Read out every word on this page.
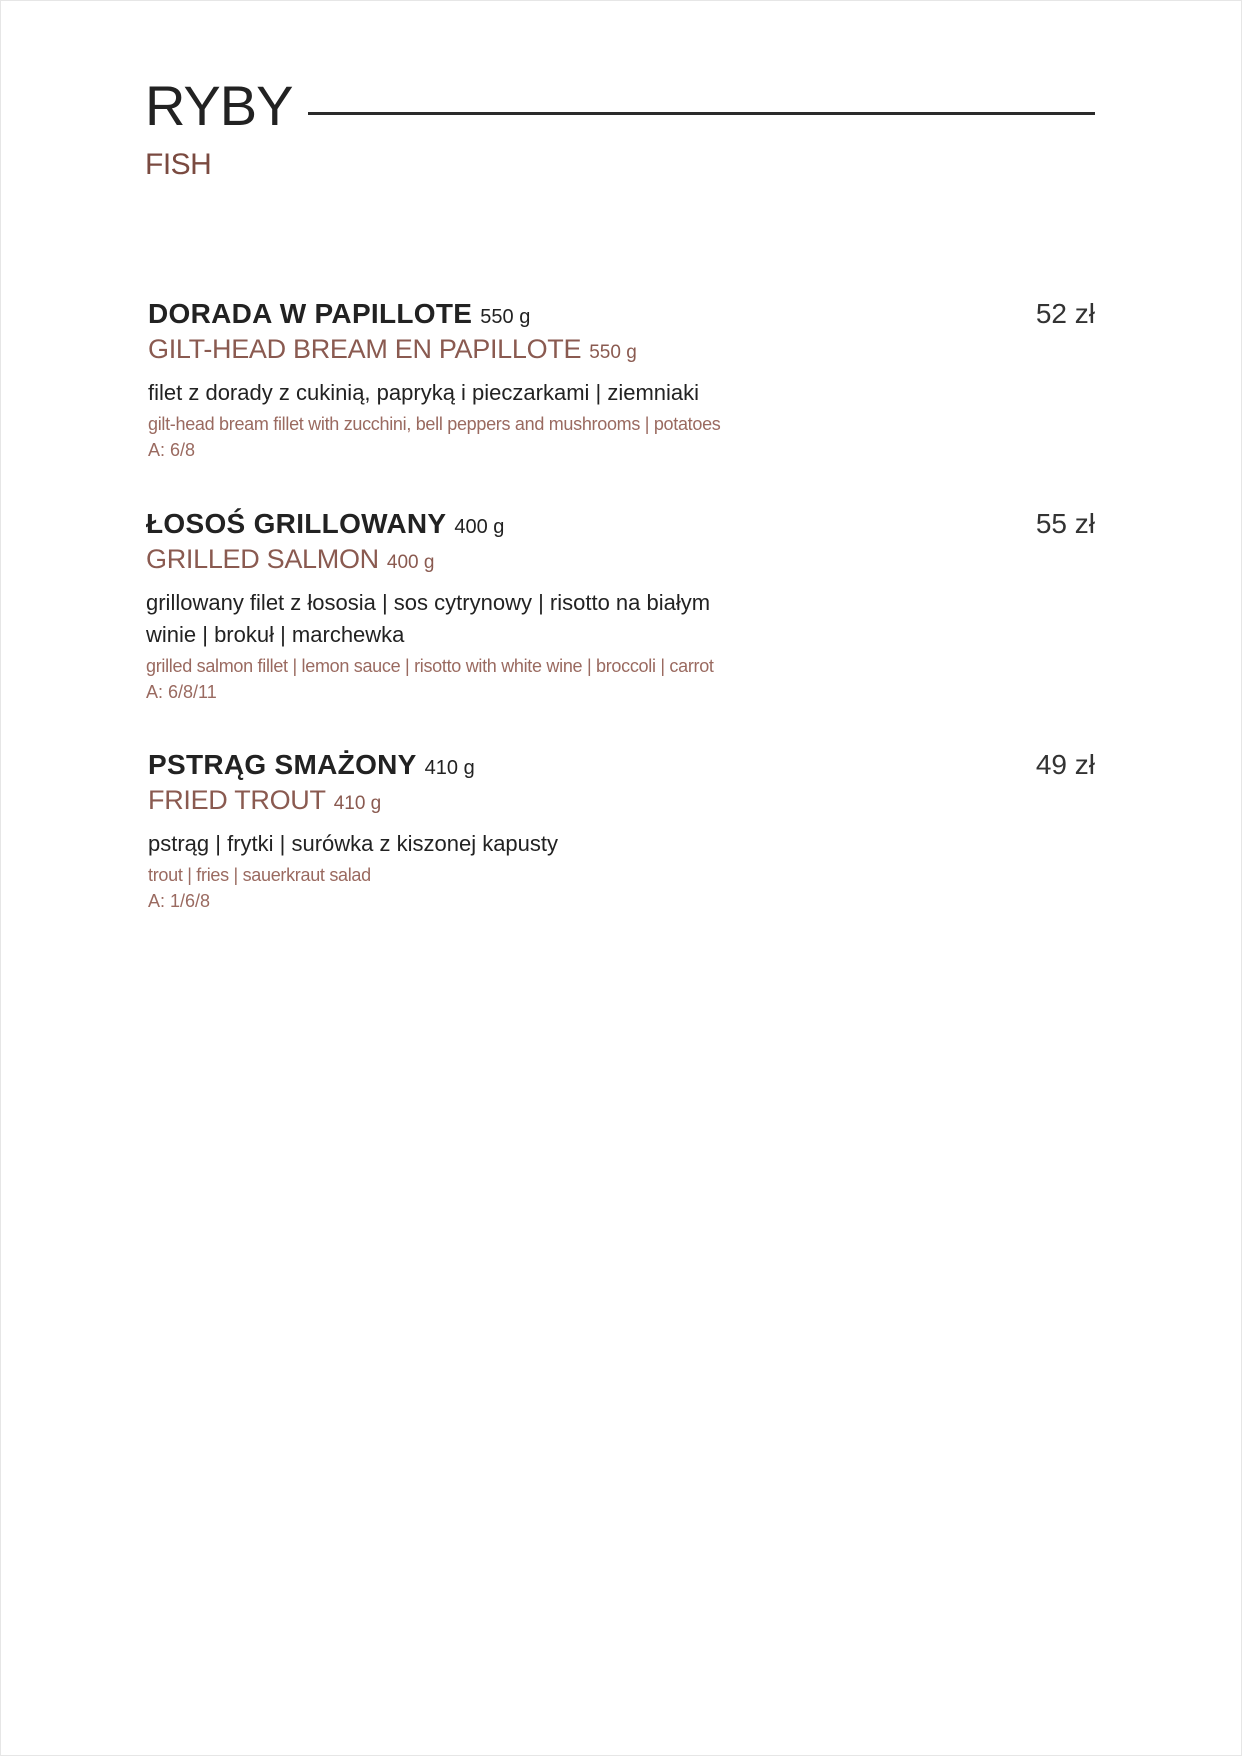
RYBY
FISH
DORADA W PAPILLOTE 550 g	52 zł
GILT-HEAD BREAM EN PAPILLOTE 550 g
filet z dorady z cukinią, papryką i pieczarkami | ziemniaki
gilt-head bream fillet with zucchini, bell peppers and mushrooms | potatoes
A: 6/8
ŁOSOŚ GRILLOWANY 400 g	55 zł
GRILLED SALMON 400 g
grillowany filet z łososia | sos cytrynowy | risotto na białym winie | brokuł | marchewka
grilled salmon fillet | lemon sauce | risotto with white wine | broccoli | carrot
A: 6/8/11
PSTRĄG SMAŻONY 410 g	49 zł
FRIED TROUT 410 g
pstrąg | frytki | surówka z kiszonej kapusty
trout | fries | sauerkraut salad
A: 1/6/8
